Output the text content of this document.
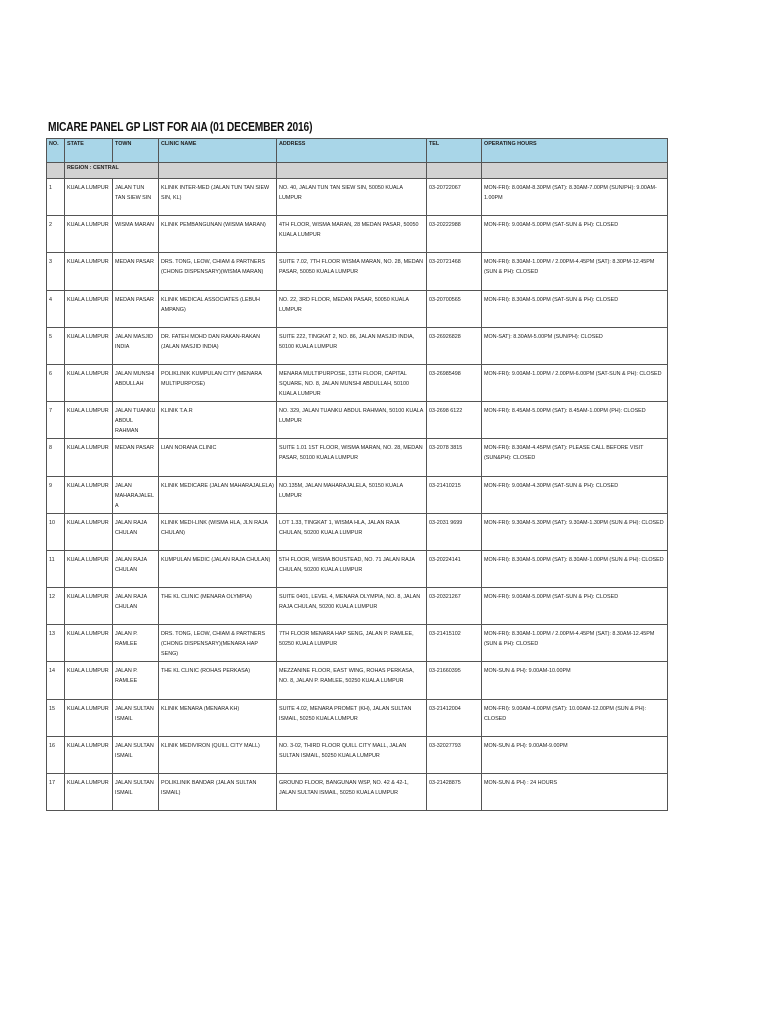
MICARE PANEL GP LIST FOR AIA (01 DECEMBER 2016)
NO.	STATE	TOWN	CLINIC NAME	ADDRESS	TEL	OPERATING HOURS
	REGION : CENTRAL					
1	KUALA LUMPUR	JALAN TUN TAN SIEW SIN	KLINIK INTER-MED (JALAN TUN TAN SIEW SIN, KL)	NO. 40, JALAN TUN TAN SIEW SIN, 50050 KUALA LUMPUR	03-20722067	MON-FRI): 8.00AM-8.30PM (SAT): 8.30AM-7.00PM (SUN/PH): 9.00AM-1.00PM
2	KUALA LUMPUR	WISMA MARAN	KLINIK PEMBANGUNAN (WISMA MARAN)	4TH FLOOR, WISMA MARAN, 28 MEDAN PASAR, 50050 KUALA LUMPUR	03-20222988	MON-FRI): 9.00AM-5.00PM (SAT-SUN & PH): CLOSED
3	KUALA LUMPUR	MEDAN PASAR	DRS. TONG, LEOW, CHIAM & PARTNERS (CHONG DISPENSARY)(WISMA MARAN)	SUITE 7.02, 7TH FLOOR WISMA MARAN, NO. 28, MEDAN PASAR, 50050 KUALA LUMPUR	03-20721468	MON-FRI): 8.30AM-1.00PM / 2.00PM-4.45PM (SAT): 8.30PM-12.45PM (SUN & PH): CLOSED
4	KUALA LUMPUR	MEDAN PASAR	KLINIK MEDICAL ASSOCIATES (LEBUH AMPANG)	NO. 22, 3RD FLOOR, MEDAN PASAR, 50050 KUALA LUMPUR	03-20700565	MON-FRI): 8.30AM-5.00PM (SAT-SUN & PH): CLOSED
5	KUALA LUMPUR	JALAN MASJID INDIA	DR. FATEH MOHD DAN RAKAN-RAKAN (JALAN MASJID INDIA)	SUITE 222, TINGKAT 2, NO. 86, JALAN MASJID INDIA, 50100 KUALA LUMPUR	03-26926828	MON-SAT): 8.30AM-5.00PM (SUN/PH): CLOSED
6	KUALA LUMPUR	JALAN MUNSHI ABDULLAH	POLIKLINIK KUMPULAN CITY (MENARA MULTIPURPOSE)	MENARA MULTIPURPOSE, 13TH FLOOR, CAPITAL SQUARE, NO. 8, JALAN MUNSHI ABDULLAH, 50100 KUALA LUMPUR	03-26985498	MON-FRI): 9.00AM-1.00PM / 2.00PM-6.00PM (SAT-SUN & PH): CLOSED
7	KUALA LUMPUR	JALAN TUANKU ABDUL RAHMAN	KLINIK T.A.R	NO. 329, JALAN TUANKU ABDUL RAHMAN, 50100 KUALA LUMPUR	03-2698 6122	MON-FRI): 8.45AM-5.00PM (SAT): 8.45AM-1.00PM (PH): CLOSED
8	KUALA LUMPUR	MEDAN PASAR	LIAN NORANA CLINIC	SUITE 1.01 1ST FLOOR, WISMA MARAN, NO. 28, MEDAN PASAR, 50100 KUALA LUMPUR	03-2078 3815	MON-FRI): 8.30AM-4.45PM (SAT): PLEASE CALL BEFORE VISIT (SUN&PH): CLOSED
9	KUALA LUMPUR	JALAN MAHARAJALELA	KLINIK MEDICARE (JALAN MAHARAJALELA)	NO.135M, JALAN MAHARAJALELA, 50150 KUALA LUMPUR	03-21410215	MON-FRI): 9.00AM-4.30PM (SAT-SUN & PH): CLOSED
10	KUALA LUMPUR	JALAN RAJA CHULAN	KLINIK MEDI-LINK (WISMA HLA, JLN RAJA CHULAN)	LOT 1.33, TINGKAT 1, WISMA HLA, JALAN RAJA CHULAN, 50200 KUALA LUMPUR	03-2031 9699	MON-FRI): 9.30AM-5.30PM (SAT): 9.30AM-1.30PM (SUN & PH): CLOSED
11	KUALA LUMPUR	JALAN RAJA CHULAN	KUMPULAN MEDIC (JALAN RAJA CHULAN)	5TH FLOOR, WISMA BOUSTEAD, NO. 71 JALAN RAJA CHULAN, 50200 KUALA LUMPUR	03-20224141	MON-FRI): 8.30AM-5.00PM (SAT): 8.30AM-1.00PM (SUN & PH): CLOSED
12	KUALA LUMPUR	JALAN RAJA CHULAN	THE KL CLINIC (MENARA OLYMPIA)	SUITE 0401, LEVEL 4, MENARA OLYMPIA, NO. 8, JALAN RAJA CHULAN, 50200 KUALA LUMPUR	03-20321267	MON-FRI): 9.00AM-5.00PM (SAT-SUN & PH): CLOSED
13	KUALA LUMPUR	JALAN P. RAMLEE	DRS. TONG, LEOW, CHIAM & PARTNERS (CHONG DISPENSARY)(MENARA HAP SENG)	7TH FLOOR MENARA HAP SENG, JALAN P. RAMLEE, 50250 KUALA LUMPUR	03-21415102	MON-FRI): 8.30AM-1.00PM / 2.00PM-4.45PM (SAT): 8.30AM-12.45PM (SUN & PH): CLOSED
14	KUALA LUMPUR	JALAN P. RAMLEE	THE KL CLINIC (ROHAS PERKASA)	MEZZANINE FLOOR, EAST WING, ROHAS PERKASA, NO. 8, JALAN P. RAMLEE, 50250 KUALA LUMPUR	03-21660395	MON-SUN & PH): 9.00AM-10.00PM
15	KUALA LUMPUR	JALAN SULTAN ISMAIL	KLINIK MENARA (MENARA KH)	SUITE 4.02, MENARA PROMET (KH), JALAN SULTAN ISMAIL, 50250 KUALA LUMPUR	03-21412004	MON-FRI): 9.00AM-4.00PM (SAT): 10.00AM-12.00PM (SUN & PH): CLOSED
16	KUALA LUMPUR	JALAN SULTAN ISMAIL	KLINIK MEDIVIRON (QUILL CITY MALL)	NO. 3-02, THIRD FLOOR QUILL CITY MALL, JALAN SULTAN ISMAIL, 50250 KUALA LUMPUR	03-32027793	MON-SUN & PH): 9.00AM-9.00PM
17	KUALA LUMPUR	JALAN SULTAN ISMAIL	POLIKLINIK BANDAR (JALAN SULTAN ISMAIL)	GROUND FLOOR, BANGUNAN WSP, NO. 42 & 42-1, JALAN SULTAN ISMAIL, 50250 KUALA LUMPUR	03-21428875	MON-SUN & PH) : 24 HOURS
